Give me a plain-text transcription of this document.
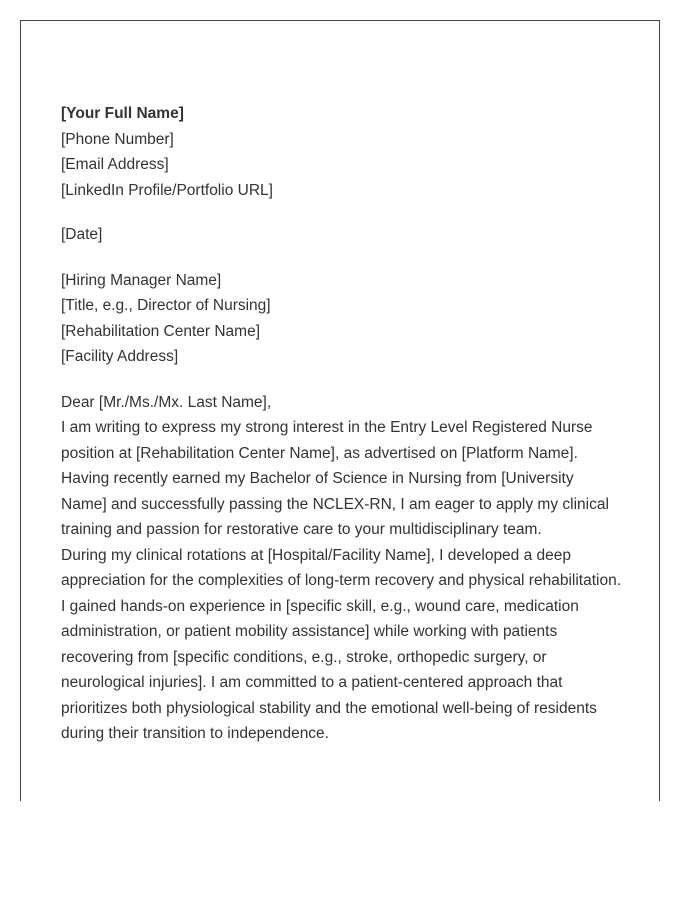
[Your Full Name]
[Phone Number]
[Email Address]
[LinkedIn Profile/Portfolio URL]
[Date]
[Hiring Manager Name]
[Title, e.g., Director of Nursing]
[Rehabilitation Center Name]
[Facility Address]
Dear [Mr./Ms./Mx. Last Name],

I am writing to express my strong interest in the Entry Level Registered Nurse position at [Rehabilitation Center Name], as advertised on [Platform Name]. Having recently earned my Bachelor of Science in Nursing from [University Name] and successfully passing the NCLEX-RN, I am eager to apply my clinical training and passion for restorative care to your multidisciplinary team.

During my clinical rotations at [Hospital/Facility Name], I developed a deep appreciation for the complexities of long-term recovery and physical rehabilitation. I gained hands-on experience in [specific skill, e.g., wound care, medication administration, or patient mobility assistance] while working with patients recovering from [specific conditions, e.g., stroke, orthopedic surgery, or neurological injuries]. I am committed to a patient-centered approach that prioritizes both physiological stability and the emotional well-being of residents during their transition to independence.
